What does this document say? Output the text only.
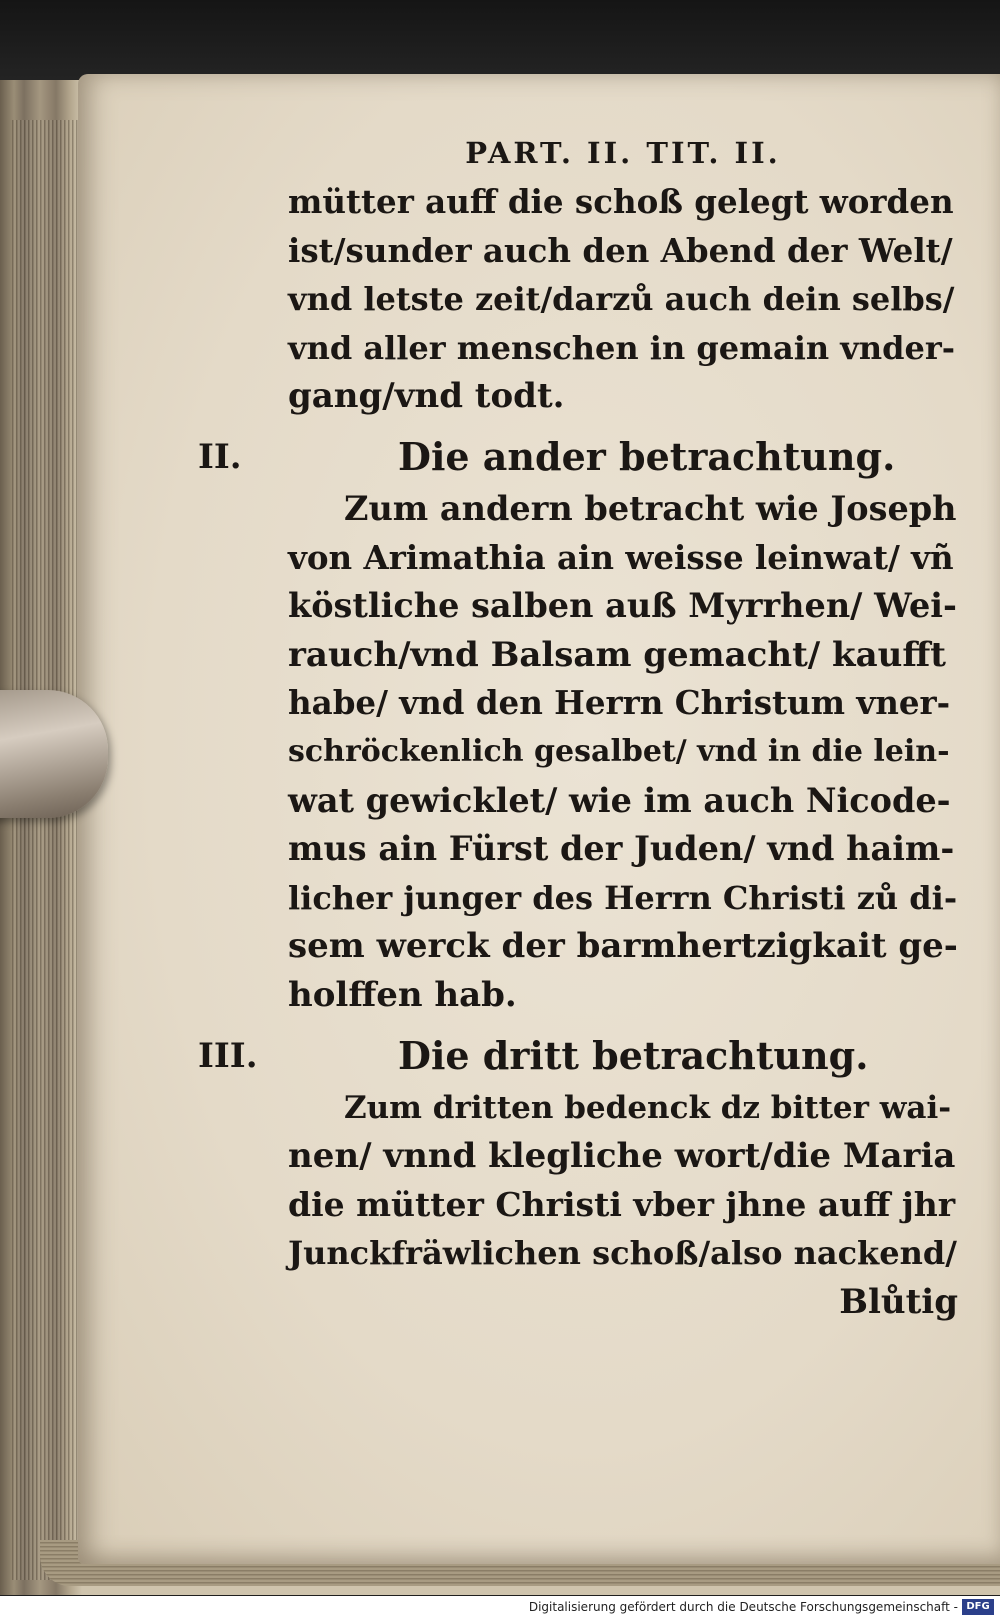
PART. II. TIT. II.
mütter auff die schoß gelegt worden
ist/sunder auch den Abend der Welt/
vnd letste zeit/darzů auch dein selbs/
vnd aller menschen in gemain vnder-
gang/vnd todt.
II.	Die ander betrachtung.
Zum andern betracht wie Joseph
von Arimathia ain weisse leinwat/ vñ
köstliche salben auß Myrrhen/ Wei-
rauch/vnd Balsam gemacht/ kaufft
habe/ vnd den Herrn Christum vner-
schröckenlich gesalbet/ vnd in die lein-
wat gewicklet/ wie im auch Nicode-
mus ain Fürst der Juden/ vnd haim-
licher junger des Herrn Christi zů di-
sem werck der barmhertzigkait ge-
holffen hab.
III.	Die dritt betrachtung.
Zum dritten bedenck dz bitter wai-
nen/ vnnd klegliche wort/die Maria
die mütter Christi vber jhne auff jhr
Junckfräwlichen schoß/also nackend/
Blůtig
Digitalisierung gefördert durch die Deutsche Forschungsgemeinschaft - DFG
